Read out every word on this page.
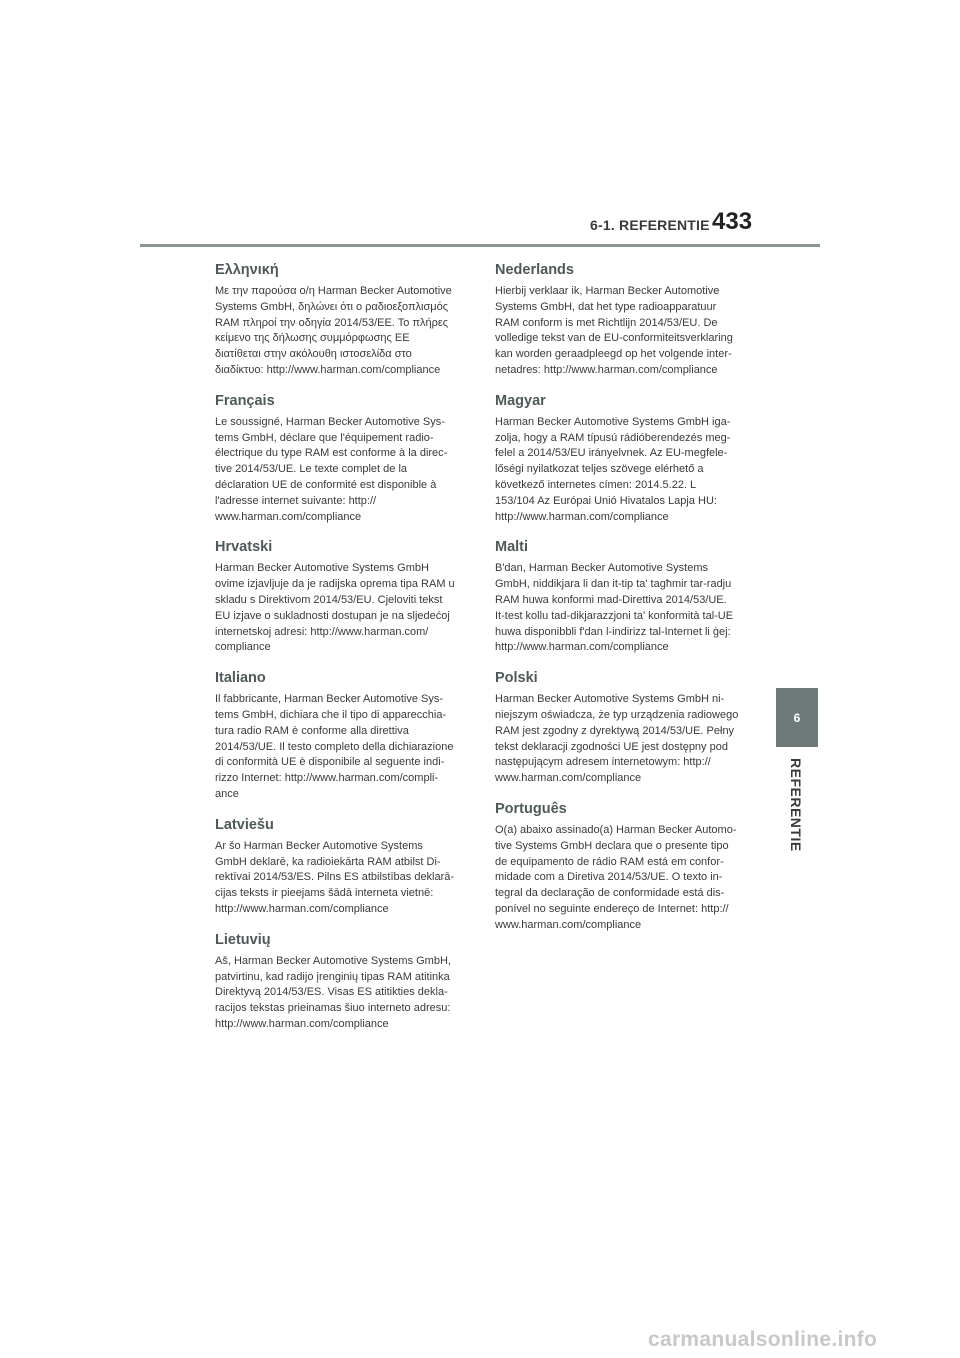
6-1. REFERENTIE 433
6
REFERENTIE
Ελληνική

Με την παρούσα ο/η Harman Becker Automotive
Systems GmbH, δηλώνει ότι ο ραδιοεξοπλισμός
RAM πληροί την οδηγία 2014/53/ΕΕ. Το πλήρες
κείμενο της δήλωσης συμμόρφωσης ΕΕ
διατίθεται στην ακόλουθη ιστοσελίδα στο
διαδίκτυο: http://www.harman.com/compliance

Français

Le soussigné, Harman Becker Automotive Sys-
tems GmbH, déclare que l'équipement radio-
électrique du type RAM est conforme à la direc-
tive 2014/53/UE. Le texte complet de la
déclaration UE de conformité est disponible à
l'adresse internet suivante: http://
www.harman.com/compliance

Hrvatski

Harman Becker Automotive Systems GmbH
ovime izjavljuje da je radijska oprema tipa RAM u
skladu s Direktivom 2014/53/EU. Cjeloviti tekst
EU izjave o sukladnosti dostupan je na sljedećoj
internetskoj adresi: http://www.harman.com/
compliance

Italiano

Il fabbricante, Harman Becker Automotive Sys-
tems GmbH, dichiara che il tipo di apparecchia-
tura radio RAM è conforme alla direttiva
2014/53/UE. Il testo completo della dichiarazione
di conformità UE è disponibile al seguente indi-
rizzo Internet: http://www.harman.com/compli-
ance

Latviešu

Ar šo Harman Becker Automotive Systems
GmbH deklarē, ka radioiekārta RAM atbilst Di-
rektīvai 2014/53/ES. Pilns ES atbilstības deklarā-
cijas teksts ir pieejams šādā interneta vietnē:
http://www.harman.com/compliance

Lietuvių

Aš, Harman Becker Automotive Systems GmbH,
patvirtinu, kad radijo įrenginių tipas RAM atitinka
Direktyvą 2014/53/ES. Visas ES atitikties dekla-
racijos tekstas prieinamas šiuo interneto adresu:
http://www.harman.com/compliance

Nederlands

Hierbij verklaar ik, Harman Becker Automotive
Systems GmbH, dat het type radioapparatuur
RAM conform is met Richtlijn 2014/53/EU. De
volledige tekst van de EU-conformiteitsverklaring
kan worden geraadpleegd op het volgende inter-
netadres: http://www.harman.com/compliance

Magyar

Harman Becker Automotive Systems GmbH iga-
zolja, hogy a RAM típusú rádióberendezés meg-
felel a 2014/53/EU irányelvnek. Az EU-megfele-
lőségi nyilatkozat teljes szövege elérhető a
következő internetes címen: 2014.5.22. L
153/104 Az Európai Unió Hivatalos Lapja HU:
http://www.harman.com/compliance

Malti

B'dan, Harman Becker Automotive Systems
GmbH, niddikjara li dan it-tip ta' tagħmir tar-radju
RAM huwa konformi mad-Direttiva 2014/53/UE.
It-test kollu tad-dikjarazzjoni ta' konformità tal-UE
huwa disponibbli f'dan l-indirizz tal-Internet li ġej:
http://www.harman.com/compliance

Polski

Harman Becker Automotive Systems GmbH ni-
niejszym oświadcza, że typ urządzenia radiowego
RAM jest zgodny z dyrektywą 2014/53/UE. Pełny
tekst deklaracji zgodności UE jest dostępny pod
następującym adresem internetowym: http://
www.harman.com/compliance

Português

O(a) abaixo assinado(a) Harman Becker Automo-
tive Systems GmbH declara que o presente tipo
de equipamento de rádio RAM está em confor-
midade com a Diretiva 2014/53/UE. O texto in-
tegral da declaração de conformidade está dis-
ponível no seguinte endereço de Internet: http://
www.harman.com/compliance

carmanualsonline.info
